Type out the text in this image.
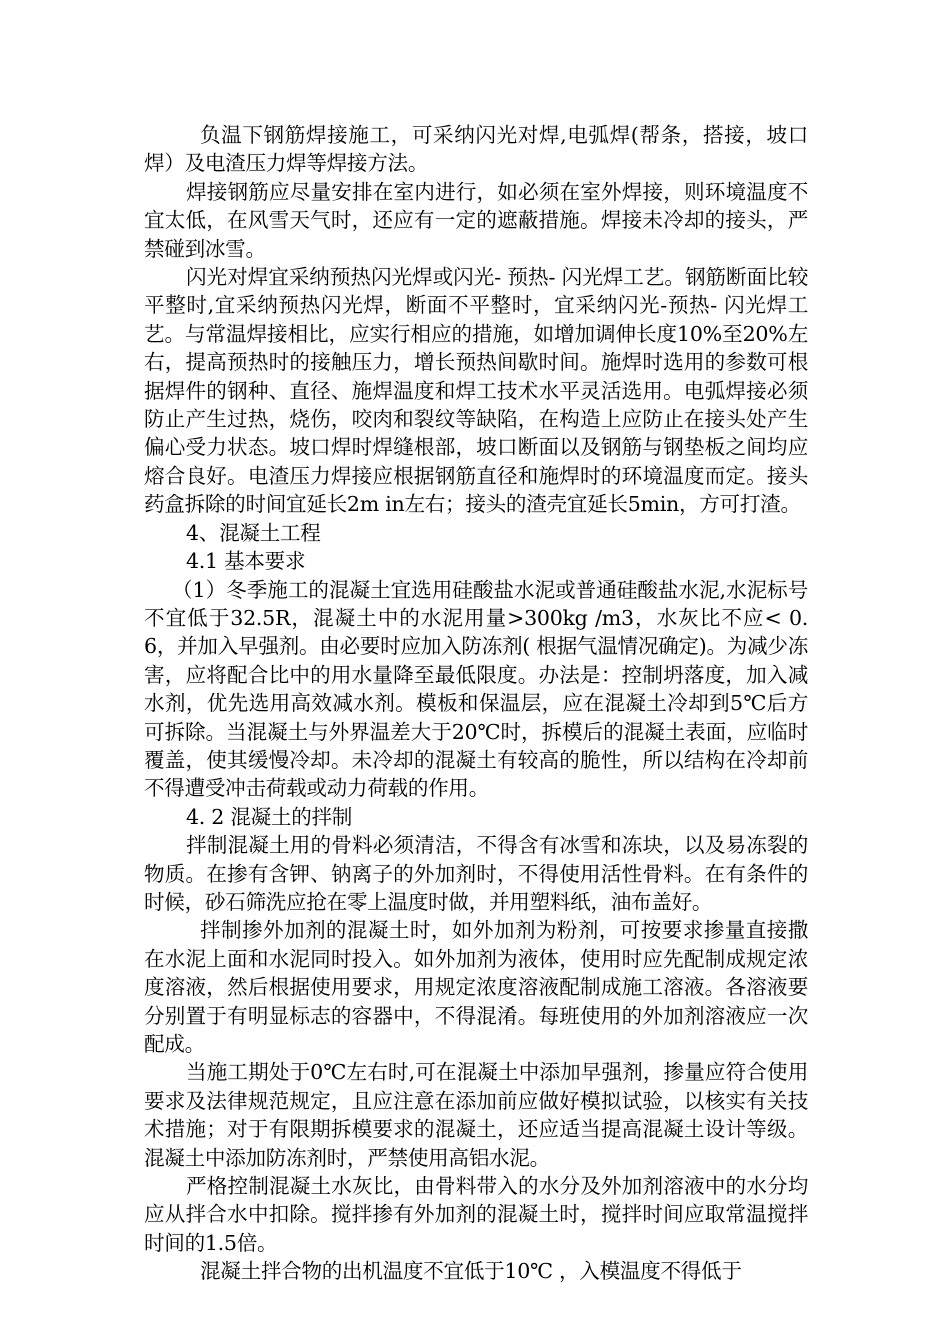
负温下钢筋焊接施工，可采纳闪光对焊,电弧焊(帮条，搭接，坡口焊）及电渣压力焊等焊接方法。

焊接钢筋应尽量安排在室内进行，如必须在室外焊接，则环境温度不宜太低，在风雪天气时，还应有一定的遮蔽措施。焊接未冷却的接头，严禁碰到冰雪。

闪光对焊宜采纳预热闪光焊或闪光- 预热- 闪光焊工艺。钢筋断面比较平整时,宜采纳预热闪光焊，断面不平整时，宜采纳闪光-预热- 闪光焊工艺。与常温焊接相比，应实行相应的措施，如增加调伸长度10%至20%左右，提高预热时的接触压力，增长预热间歇时间。施焊时选用的参数可根据焊件的钢种、直径、施焊温度和焊工技术水平灵活选用。电弧焊接必须防止产生过热，烧伤，咬肉和裂纹等缺陷，在构造上应防止在接头处产生偏心受力状态。坡口焊时焊缝根部，坡口断面以及钢筋与钢垫板之间均应熔合良好。电渣压力焊接应根据钢筋直径和施焊时的环境温度而定。接头药盒拆除的时间宜延长2m in左右；接头的渣壳宜延长5min，方可打渣。

4、混凝土工程

4.1 基本要求

（1）冬季施工的混凝土宜选用硅酸盐水泥或普通硅酸盐水泥,水泥标号不宜低于32.5R，混凝土中的水泥用量>300kg /m3，水灰比不应< 0.6，并加入早强剂。由必要时应加入防冻剂( 根据气温情况确定)。为减少冻害，应将配合比中的用水量降至最低限度。办法是：控制坍落度，加入减水剂，优先选用高效减水剂。模板和保温层，应在混凝土冷却到5℃后方可拆除。当混凝土与外界温差大于20℃时，拆模后的混凝土表面，应临时覆盖，使其缓慢冷却。未冷却的混凝土有较高的脆性，所以结构在冷却前不得遭受冲击荷载或动力荷载的作用。

4. 2 混凝土的拌制

拌制混凝土用的骨料必须清洁，不得含有冰雪和冻块，以及易冻裂的物质。在掺有含钾、钠离子的外加剂时，不得使用活性骨料。在有条件的时候，砂石筛洗应抢在零上温度时做，并用塑料纸，油布盖好。

拌制掺外加剂的混凝土时，如外加剂为粉剂，可按要求掺量直接撒在水泥上面和水泥同时投入。如外加剂为液体，使用时应先配制成规定浓度溶液，然后根据使用要求，用规定浓度溶液配制成施工溶液。各溶液要分别置于有明显标志的容器中，不得混淆。每班使用的外加剂溶液应一次配成。

当施工期处于0℃左右时,可在混凝土中添加早强剂，掺量应符合使用要求及法律规范规定，且应注意在添加前应做好模拟试验，以核实有关技术措施；对于有限期拆模要求的混凝土，还应适当提高混凝土设计等级。混凝土中添加防冻剂时，严禁使用高铝水泥。

严格控制混凝土水灰比，由骨料带入的水分及外加剂溶液中的水分均应从拌合水中扣除。搅拌掺有外加剂的混凝土时，搅拌时间应取常温搅拌时间的1.5倍。

混凝土拌合物的出机温度不宜低于10℃ ，入模温度不得低于
